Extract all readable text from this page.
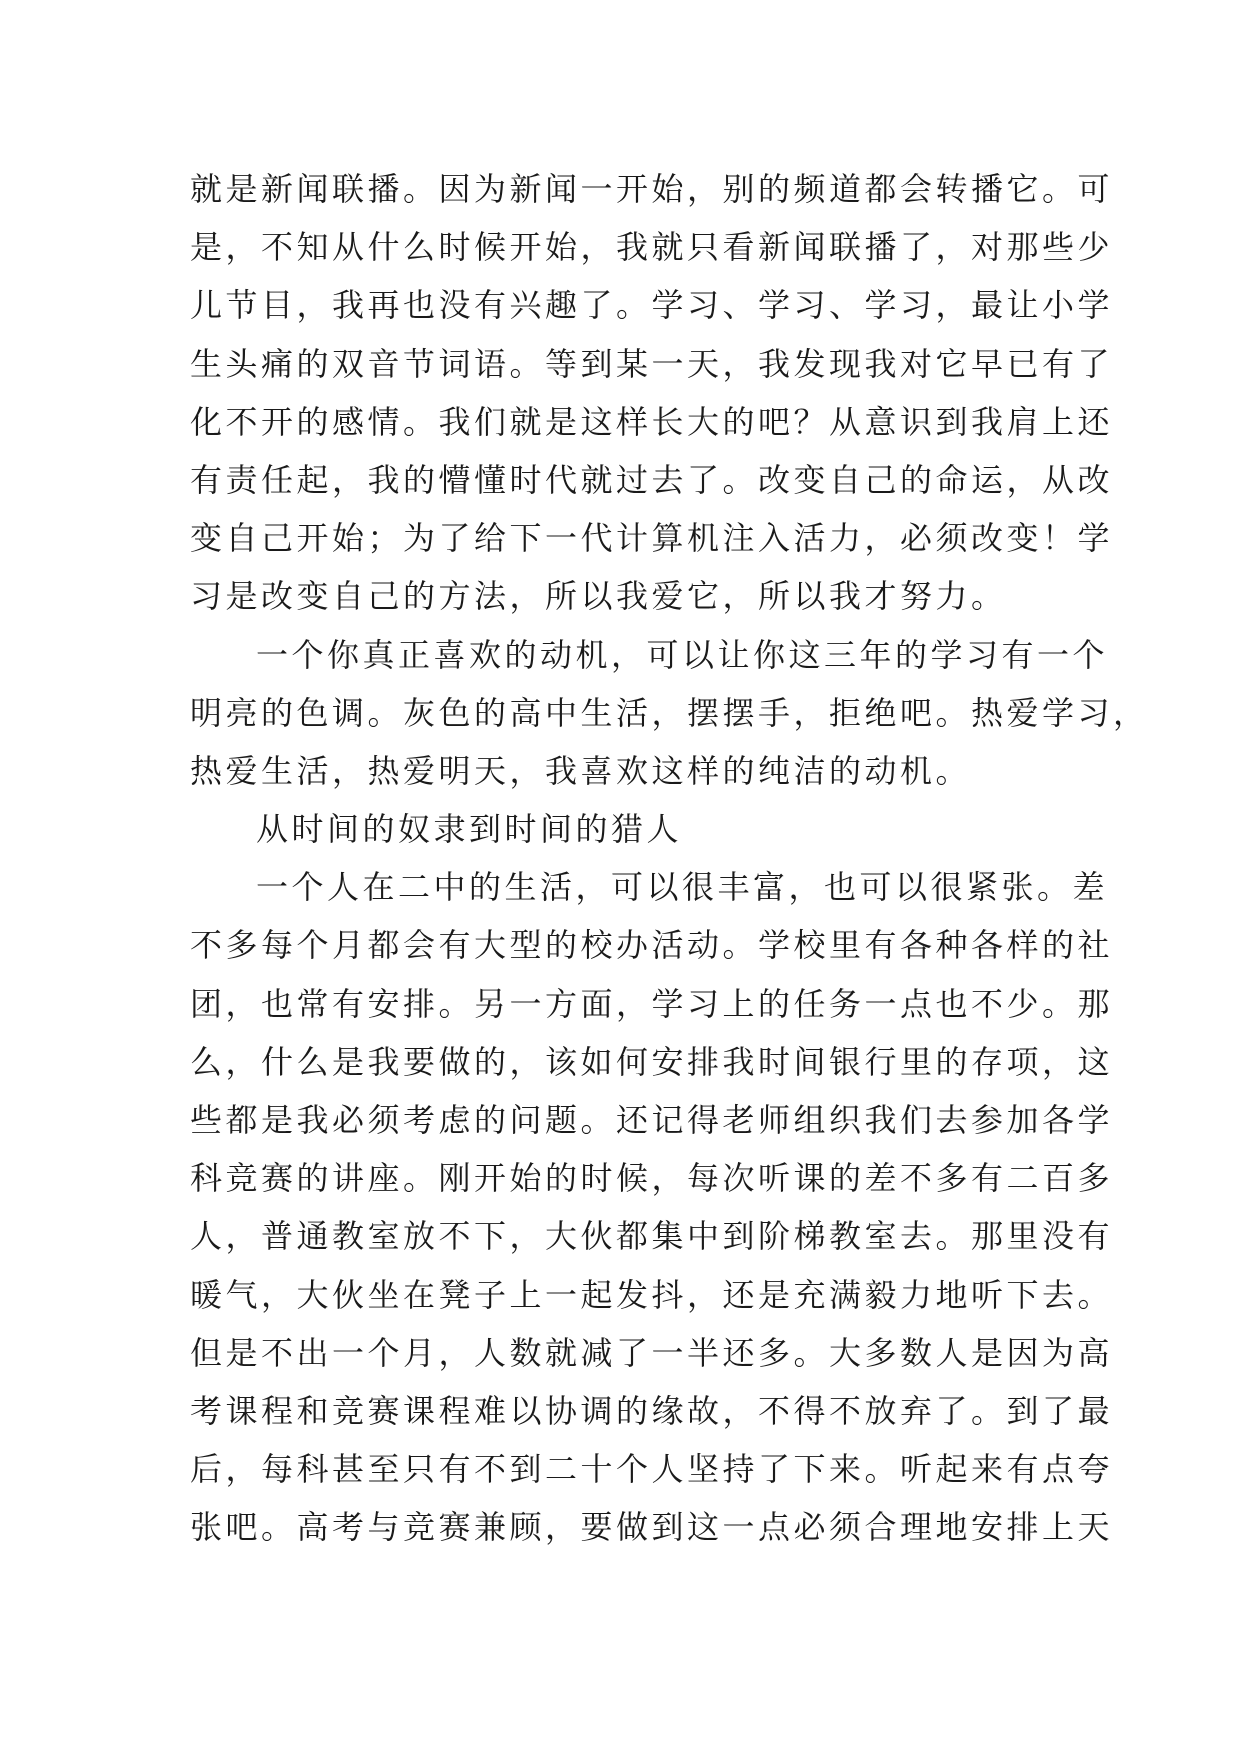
就是新闻联播。因为新闻一开始，别的频道都会转播它。可
是，不知从什么时候开始，我就只看新闻联播了，对那些少
儿节目，我再也没有兴趣了。学习、学习、学习，最让小学
生头痛的双音节词语。等到某一天，我发现我对它早已有了
化不开的感情。我们就是这样长大的吧？从意识到我肩上还
有责任起，我的懵懂时代就过去了。改变自己的命运，从改
变自己开始；为了给下一代计算机注入活力，必须改变！学
习是改变自己的方法，所以我爱它，所以我才努力。
一个你真正喜欢的动机，可以让你这三年的学习有一个
明亮的色调。灰色的高中生活，摆摆手，拒绝吧。热爱学习，
热爱生活，热爱明天，我喜欢这样的纯洁的动机。
从时间的奴隶到时间的猎人
一个人在二中的生活，可以很丰富，也可以很紧张。差
不多每个月都会有大型的校办活动。学校里有各种各样的社
团，也常有安排。另一方面，学习上的任务一点也不少。那
么，什么是我要做的，该如何安排我时间银行里的存项，这
些都是我必须考虑的问题。还记得老师组织我们去参加各学
科竞赛的讲座。刚开始的时候，每次听课的差不多有二百多
人，普通教室放不下，大伙都集中到阶梯教室去。那里没有
暖气，大伙坐在凳子上一起发抖，还是充满毅力地听下去。
但是不出一个月，人数就减了一半还多。大多数人是因为高
考课程和竞赛课程难以协调的缘故，不得不放弃了。到了最
后，每科甚至只有不到二十个人坚持了下来。听起来有点夸
张吧。高考与竞赛兼顾，要做到这一点必须合理地安排上天
